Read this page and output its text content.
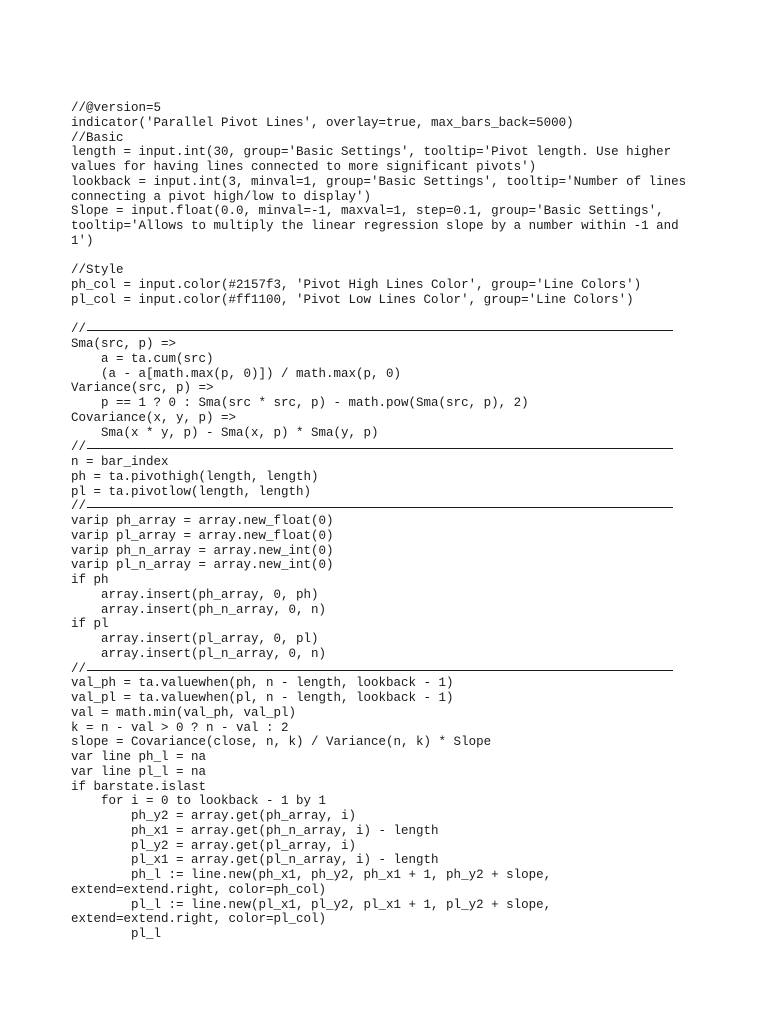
//@version=5
indicator('Parallel Pivot Lines', overlay=true, max_bars_back=5000)
//Basic
length = input.int(30, group='Basic Settings', tooltip='Pivot length. Use higher
values for having lines connected to more significant pivots')
lookback = input.int(3, minval=1, group='Basic Settings', tooltip='Number of lines
connecting a pivot high/low to display')
Slope = input.float(0.0, minval=-1, maxval=1, step=0.1, group='Basic Settings',
tooltip='Allows to multiply the linear regression slope by a number within -1 and
1')
//Style
ph_col = input.color(#2157f3, 'Pivot High Lines Color', group='Line Colors')
pl_col = input.color(#ff1100, 'Pivot Low Lines Color', group='Line Colors')
//
Sma(src, p) =>
a = ta.cum(src)
(a - a[math.max(p, 0)]) / math.max(p, 0)
Variance(src, p) =>
p == 1 ? 0 : Sma(src * src, p) - math.pow(Sma(src, p), 2)
Covariance(x, y, p) =>
Sma(x * y, p) - Sma(x, p) * Sma(y, p)
//
n = bar_index
ph = ta.pivothigh(length, length)
pl = ta.pivotlow(length, length)
//
varip ph_array = array.new_float(0)
varip pl_array = array.new_float(0)
varip ph_n_array = array.new_int(0)
varip pl_n_array = array.new_int(0)
if ph
array.insert(ph_array, 0, ph)
array.insert(ph_n_array, 0, n)
if pl
array.insert(pl_array, 0, pl)
array.insert(pl_n_array, 0, n)
//
val_ph = ta.valuewhen(ph, n - length, lookback - 1)
val_pl = ta.valuewhen(pl, n - length, lookback - 1)
val = math.min(val_ph, val_pl)
k = n - val > 0 ? n - val : 2
slope = Covariance(close, n, k) / Variance(n, k) * Slope
var line ph_l = na
var line pl_l = na
if barstate.islast
for i = 0 to lookback - 1 by 1
ph_y2 = array.get(ph_array, i)
ph_x1 = array.get(ph_n_array, i) - length
pl_y2 = array.get(pl_array, i)
pl_x1 = array.get(pl_n_array, i) - length
ph_l := line.new(ph_x1, ph_y2, ph_x1 + 1, ph_y2 + slope,
extend=extend.right, color=ph_col)
pl_l := line.new(pl_x1, pl_y2, pl_x1 + 1, pl_y2 + slope,
extend=extend.right, color=pl_col)
pl_l
